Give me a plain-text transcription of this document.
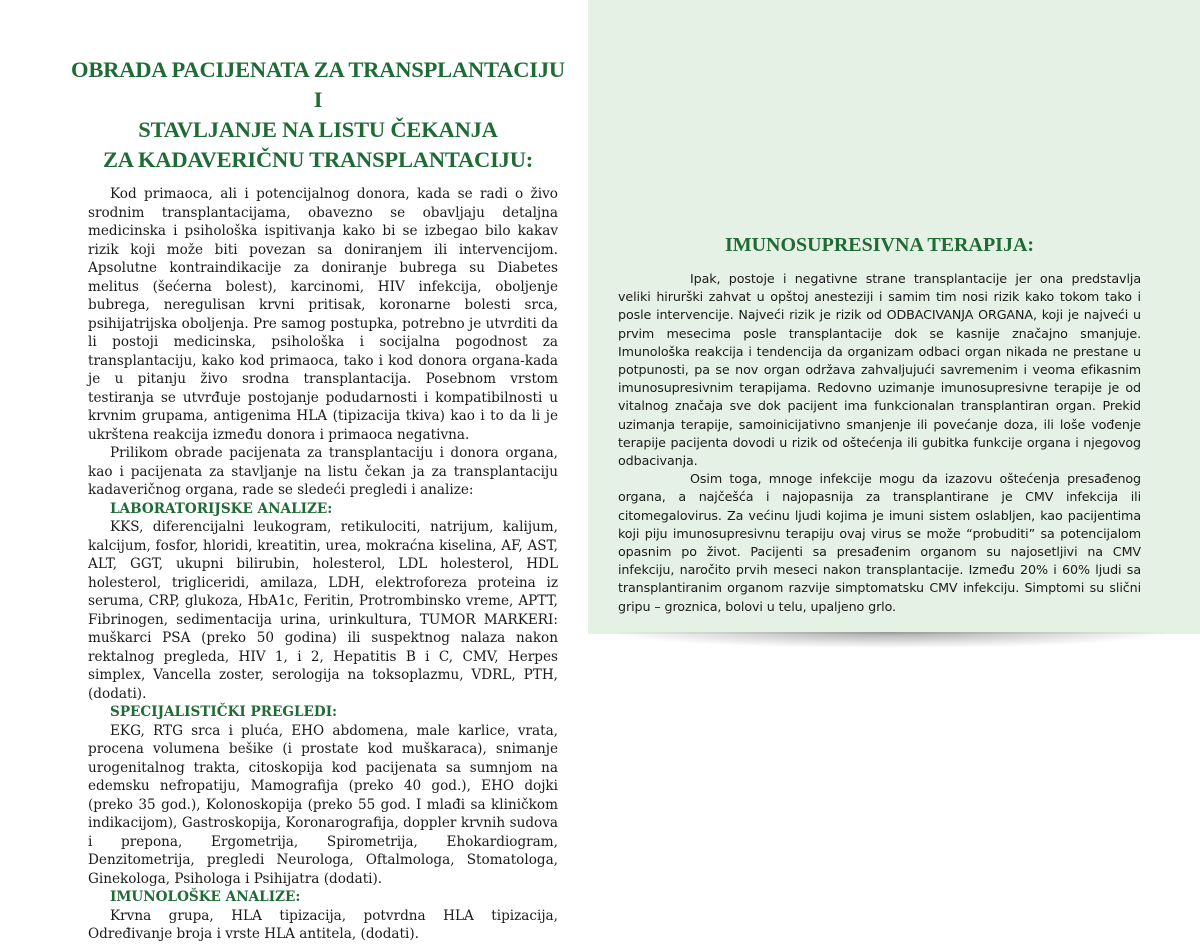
OBRADA PACIJENATA ZA TRANSPLANTACIJU I
STAVLJANJE NA LISTU ČEKANJA
ZA KADAVERIČNU TRANSPLANTACIJU:

Kod primaoca, ali i potencijalnog donora, kada se radi o živo srodnim transplantacijama, obavezno se obavljaju detaljna medicinska i psihološka ispitivanja kako bi se izbegao bilo kakav rizik koji može biti povezan sa doniranjem ili intervencijom. Apsolutne kontraindikacije za doniranje bubrega su Diabetes melitus (šećerna bolest), karcinomi, HIV infekcija, oboljenje bubrega, neregulisan krvni pritisak, koronarne bolesti srca, psihijatrijska oboljenja. Pre samog postupka, potrebno je utvrditi da li postoji medicinska, psihološka i socijalna pogodnost za transplantaciju, kako kod primaoca, tako i kod donora organa-kada je u pitanju živo srodna transplantacija. Posebnom vrstom testiranja se utvrđuje postojanje podudarnosti i kompatibilnosti u krvnim grupama, antigenima HLA (tipizacija tkiva) kao i to da li je ukrštena reakcija između donora i primaoca negativna.

Prilikom obrade pacijenata za transplantaciju i donora organa, kao i pacijenata za stavljanje na listu čekan ja za transplantaciju kadaveričnog organa, rade se sledeći pregledi i analize:

LABORATORIJSKE ANALIZE:

KKS, diferencijalni leukogram, retikulociti, natrijum, kalijum, kalcijum, fosfor, hloridi, kreatitin, urea, mokraćna kiselina, AF, AST, ALT, GGT, ukupni bilirubin, holesterol, LDL holesterol, HDL holesterol, trigliceridi, amilaza, LDH, elektroforeza proteina iz seruma, CRP, glukoza, HbA1c, Feritin, Protrombinsko vreme, APTT, Fibrinogen, sedimentacija urina, urinkultura, TUMOR MARKERI: muškarci PSA (preko 50 godina) ili suspektnog nalaza nakon rektalnog pregleda, HIV 1, i 2, Hepatitis B i C, CMV, Herpes simplex, Vancella zoster, serologija na toksoplazmu, VDRL, PTH, (dodati).

SPECIJALISTIČKI PREGLEDI:

EKG, RTG srca i pluća, EHO abdomena, male karlice, vrata, procena volumena bešike (i prostate kod muškaraca), snimanje urogenitalnog trakta, citoskopija kod pacijenata sa sumnjom na edemsku nefropatiju, Mamografija (preko 40 god.), EHO dojki (preko 35 god.), Kolonoskopija (preko 55 god. I mlađi sa kliničkom indikacijom), Gastroskopija, Koronarografija, doppler krvnih sudova i prepona, Ergometrija, Spirometrija, Ehokardiogram, Denzitometrija, pregledi Neurologa, Oftalmologa, Stomatologa, Ginekologa, Psihologa i Psihijatra (dodati).

IMUNOLOŠKE ANALIZE:

Krvna grupa, HLA tipizacija, potvrdna HLA tipizacija, Određivanje broja i vrste HLA antitela, (dodati).

IMUNOSUPRESIVNA TERAPIJA:

Ipak, postoje i negativne strane transplantacije jer ona predstavlja veliki hirurški zahvat u opštoj anesteziji i samim tim nosi rizik kako tokom tako i posle intervencije. Najveći rizik je rizik od ODBACIVANJA ORGANA, koji je najveći u prvim mesecima posle transplantacije dok se kasnije značajno smanjuje. Imunološka reakcija i tendencija da organizam odbaci organ nikada ne prestane u potpunosti, pa se nov organ održava zahvaljujući savremenim i veoma efikasnim imunosupresivnim terapijama. Redovno uzimanje imunosupresivne terapije je od vitalnog značaja sve dok pacijent ima funkcionalan transplantiran organ. Prekid uzimanja terapije, samoinicijativno smanjenje ili povećanje doza, ili loše vođenje terapije pacijenta dovodi u rizik od oštećenja ili gubitka funkcije organa i njegovog odbacivanja.

Osim toga, mnoge infekcije mogu da izazovu oštećenja presađenog organa, a najčešća i najopasnija za transplantirane je CMV infekcija ili citomegalovirus. Za većinu ljudi kojima je imuni sistem oslabljen, kao pacijentima koji piju imunosupresivnu terapiju ovaj virus se može “probuditi” sa potencijalom opasnim po život. Pacijenti sa presađenim organom su najosetljivi na CMV infekciju, naročito prvih meseci nakon transplantacije. Između 20% i 60% ljudi sa transplantiranim organom razvije simptomatsku CMV infekciju. Simptomi su slični gripu – groznica, bolovi u telu, upaljeno grlo.
